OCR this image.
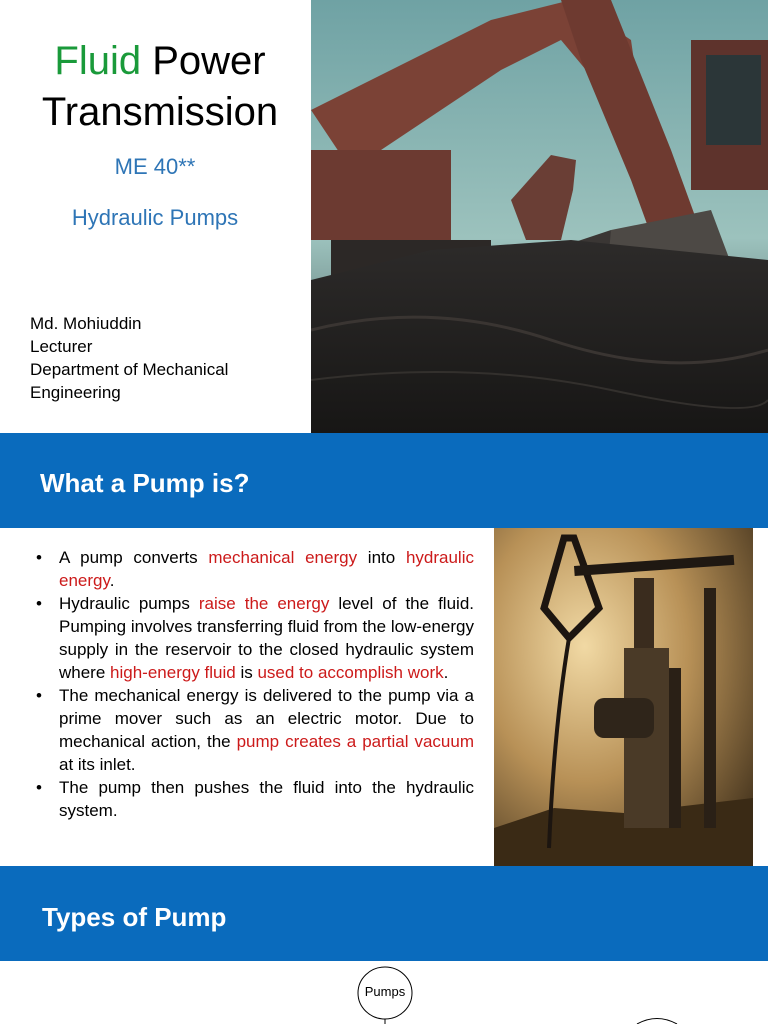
Fluid Power
Transmission
ME 40**
Hydraulic Pumps
Md. Mohiuddin
Lecturer
Department of Mechanical
Engineering
What a Pump is?
• A pump converts mechanical energy into hydraulic energy.
• Hydraulic pumps raise the energy level of the fluid. Pumping involves transferring fluid from the low-energy supply in the reservoir to the closed hydraulic system where high-energy fluid is used to accomplish work.
• The mechanical energy is delivered to the pump via a prime mover such as an electric motor. Due to mechanical action, the pump creates a partial vacuum at its inlet.
• The pump then pushes the fluid into the hydraulic system.
Types of Pump
Pumps
